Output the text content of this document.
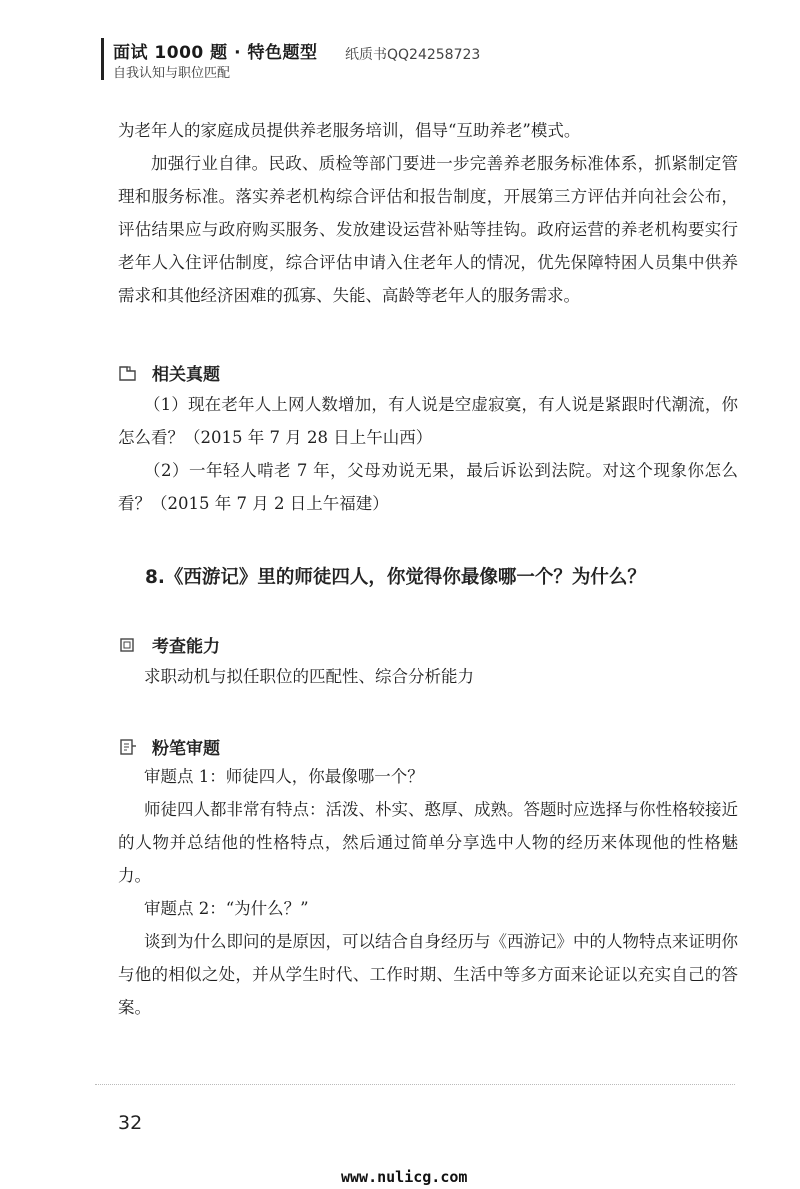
面试 1000 题 · 特色题型
自我认知与职位匹配
纸质书QQ24258723

为老年人的家庭成员提供养老服务培训，倡导“互助养老”模式。

加强行业自律。民政、质检等部门要进一步完善养老服务标准体系，抓紧制定管理和服务标准。落实养老机构综合评估和报告制度，开展第三方评估并向社会公布，评估结果应与政府购买服务、发放建设运营补贴等挂钩。政府运营的养老机构要实行老年人入住评估制度，综合评估申请入住老年人的情况，优先保障特困人员集中供养需求和其他经济困难的孤寡、失能、高龄等老年人的服务需求。

相关真题

（1）现在老年人上网人数增加，有人说是空虚寂寞，有人说是紧跟时代潮流，你怎么看？（2015 年 7 月 28 日上午山西）

（2）一年轻人啃老 7 年，父母劝说无果，最后诉讼到法院。对这个现象你怎么看？（2015 年 7 月 2 日上午福建）

8.《西游记》里的师徒四人，你觉得你最像哪一个？为什么？
考查能力

求职动机与拟任职位的匹配性、综合分析能力

粉笔审题

审题点 1：师徒四人，你最像哪一个？

师徒四人都非常有特点：活泼、朴实、憨厚、成熟。答题时应选择与你性格较接近的人物并总结他的性格特点，然后通过简单分享选中人物的经历来体现他的性格魅力。

审题点 2：“为什么？”

谈到为什么即问的是原因，可以结合自身经历与《西游记》中的人物特点来证明你与他的相似之处，并从学生时代、工作时期、生活中等多方面来论证以充实自己的答案。

32
www.nulicg.com
